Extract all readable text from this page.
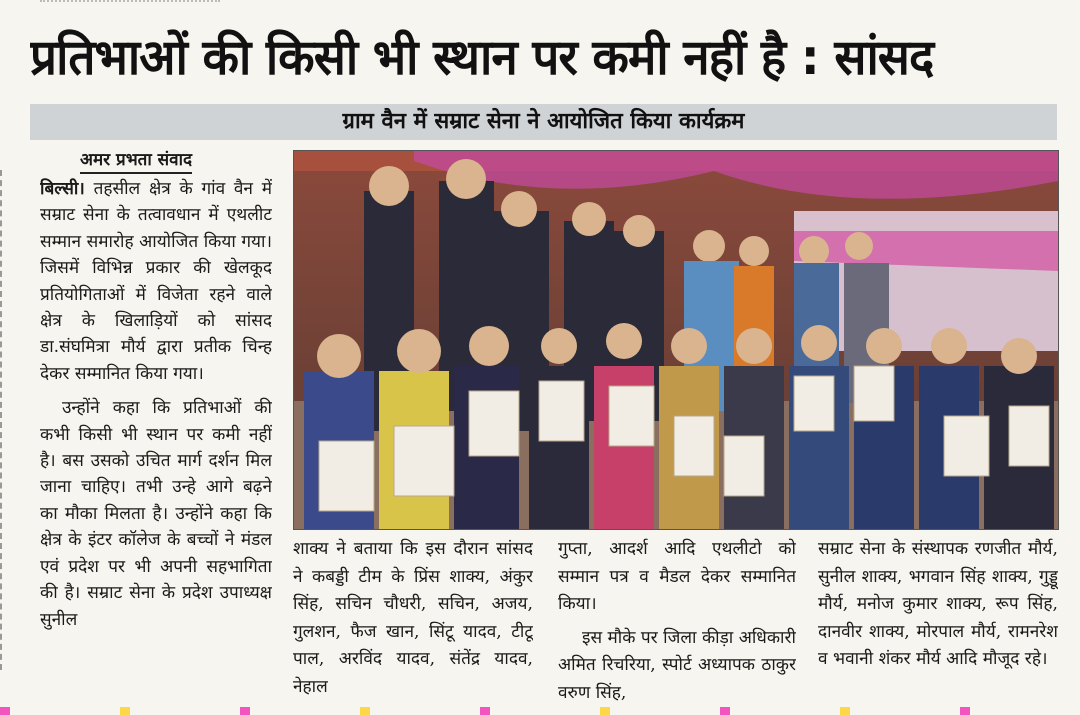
प्रतिभाओं की किसी भी स्थान पर कमी नहीं है : सांसद
ग्राम वैन में सम्राट सेना ने आयोजित किया कार्यक्रम
अमर प्रभता संवाद

बिल्सी। तहसील क्षेत्र के गांव वैन में सम्राट सेना के तत्वावधान में एथलीट सम्मान समारोह आयोजित किया गया। जिसमें विभिन्न प्रकार की खेलकूद प्रतियोगिताओं में विजेता रहने वाले क्षेत्र के खिलाड़ियों को सांसद डा.संघमित्रा मौर्य द्वारा प्रतीक चिन्ह देकर सम्मानित किया गया।

उन्होंने कहा कि प्रतिभाओं की कभी किसी भी स्थान पर कमी नहीं है। बस उसको उचित मार्ग दर्शन मिल जाना चाहिए। तभी उन्हे आगे बढ़ने का मौका मिलता है। उन्होंने कहा कि क्षेत्र के इंटर कॉलेज के बच्चों ने मंडल एवं प्रदेश पर भी अपनी सहभागिता की है। सम्राट सेना के प्रदेश उपाध्यक्ष सुनील

शाक्य ने बताया कि इस दौरान सांसद ने कबड्डी टीम के प्रिंस शाक्य, अंकुर सिंह, सचिन चौधरी, सचिन, अजय, गुलशन, फैज खान, सिंटू यादव, टीटू पाल, अरविंद यादव, संतेंद्र यादव, नेहाल

गुप्ता, आदर्श आदि एथलीटो को सम्मान पत्र व मैडल देकर सम्मानित किया।

इस मौके पर जिला कीड़ा अधिकारी अमित रिचरिया, स्पोर्ट अध्यापक ठाकुर वरुण सिंह,

सम्राट सेना के संस्थापक रणजीत मौर्य, सुनील शाक्य, भगवान सिंह शाक्य, गुड्डू मौर्य, मनोज कुमार शाक्य, रूप सिंह, दानवीर शाक्य, मोरपाल मौर्य, रामनरेश व भवानी शंकर मौर्य आदि मौजूद रहे।
